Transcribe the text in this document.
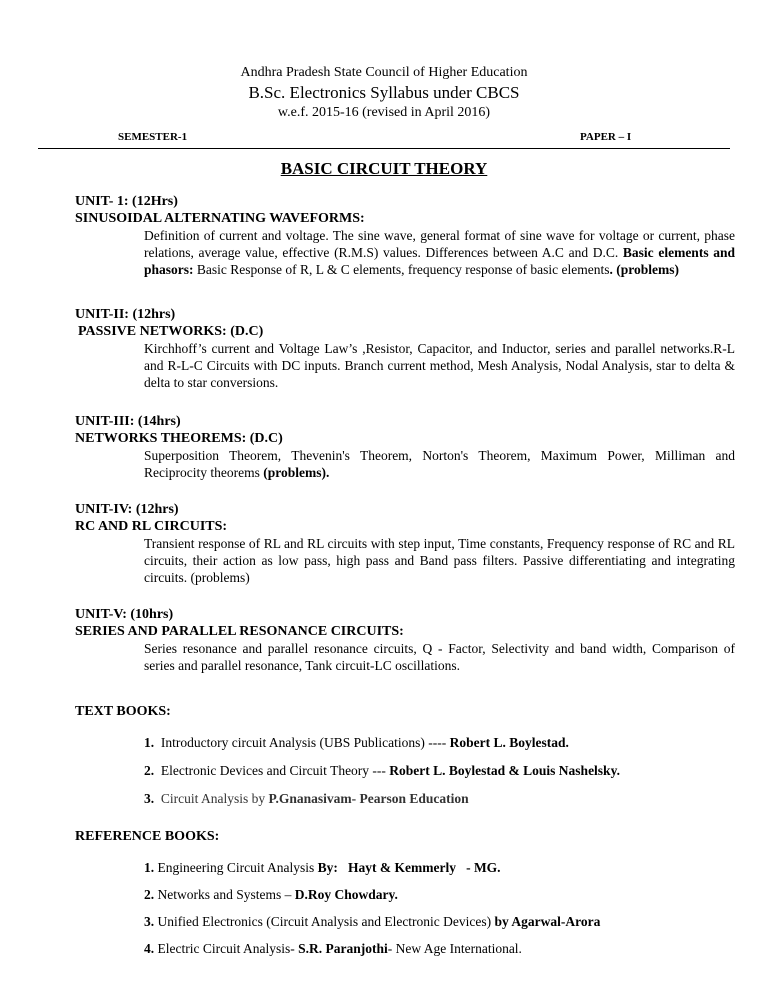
Andhra Pradesh State Council of Higher Education
B.Sc. Electronics Syllabus under CBCS
w.e.f. 2015-16 (revised in April 2016)
SEMESTER-1	PAPER – I
BASIC CIRCUIT THEORY
UNIT- 1: (12Hrs)
SINUSOIDAL ALTERNATING WAVEFORMS:
Definition of current and voltage. The sine wave, general format of sine wave for voltage or current, phase relations, average value, effective (R.M.S) values. Differences between A.C and D.C. Basic elements and phasors: Basic Response of R, L & C elements, frequency response of basic elements. (problems)
UNIT-II: (12hrs)
PASSIVE NETWORKS: (D.C)
Kirchhoff’s current and Voltage Law’s ,Resistor, Capacitor, and Inductor, series and parallel networks.R-L and R-L-C Circuits with DC inputs. Branch current method, Mesh Analysis, Nodal Analysis, star to delta & delta to star conversions.
UNIT-III: (14hrs)
NETWORKS THEOREMS: (D.C)
Superposition Theorem, Thevenin's Theorem, Norton's Theorem, Maximum Power, Milliman and Reciprocity theorems (problems).
UNIT-IV: (12hrs)
RC AND RL CIRCUITS:
Transient response of RL and RL circuits with step input, Time constants, Frequency response of RC and RL circuits, their action as low pass, high pass and Band pass filters. Passive differentiating and integrating circuits. (problems)
UNIT-V: (10hrs)
SERIES AND PARALLEL RESONANCE CIRCUITS:
Series resonance and parallel resonance circuits, Q - Factor, Selectivity and band width, Comparison of series and parallel resonance, Tank circuit-LC oscillations.
TEXT BOOKS:
1. Introductory circuit Analysis (UBS Publications) ---- Robert L. Boylestad.
2. Electronic Devices and Circuit Theory --- Robert L. Boylestad & Louis Nashelsky.
3. Circuit Analysis by P.Gnanasivam- Pearson Education
REFERENCE BOOKS:
1. Engineering Circuit Analysis By:   Hayt & Kemmerly   - MG.
2. Networks and Systems – D.Roy Chowdary.
3. Unified Electronics (Circuit Analysis and Electronic Devices) by Agarwal-Arora
4. Electric Circuit Analysis- S.R. Paranjothi- New Age International.
